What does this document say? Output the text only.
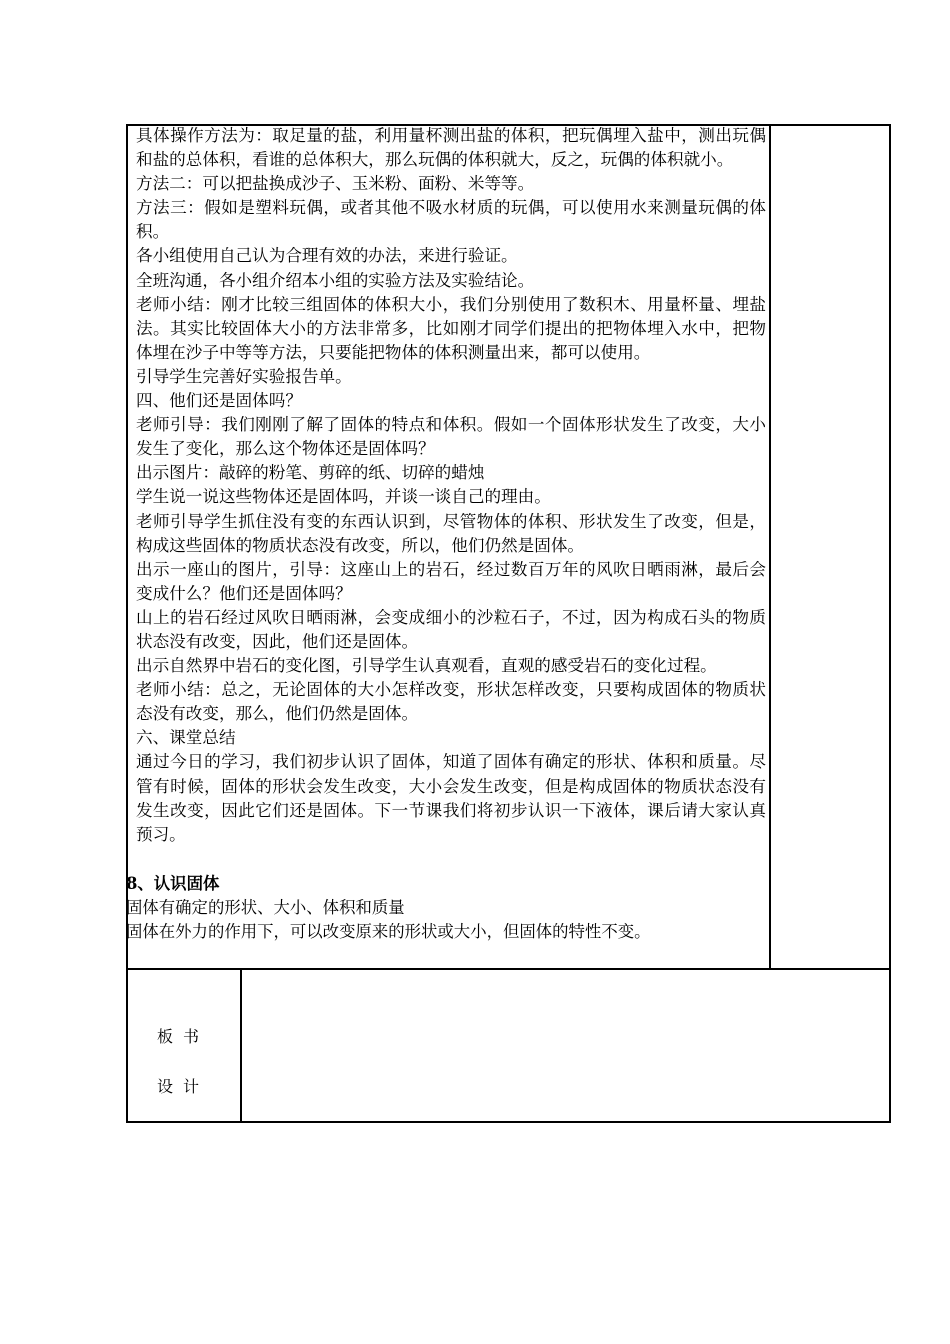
具体操作方法为：取足量的盐，利用量杯测出盐的体积，把玩偶埋入盐中，测出玩偶和盐的总体积，看谁的总体积大，那么玩偶的体积就大，反之，玩偶的体积就小。

方法二：可以把盐换成沙子、玉米粉、面粉、米等等。

方法三：假如是塑料玩偶，或者其他不吸水材质的玩偶，可以使用水来测量玩偶的体积。

各小组使用自己认为合理有效的办法，来进行验证。

全班沟通，各小组介绍本小组的实验方法及实验结论。

老师小结：刚才比较三组固体的体积大小，我们分别使用了数积木、用量杯量、埋盐法。其实比较固体大小的方法非常多，比如刚才同学们提出的把物体埋入水中，把物体埋在沙子中等等方法，只要能把物体的体积测量出来，都可以使用。

引导学生完善好实验报告单。

四、他们还是固体吗？

老师引导：我们刚刚了解了固体的特点和体积。假如一个固体形状发生了改变，大小发生了变化，那么这个物体还是固体吗？

出示图片：敲碎的粉笔、剪碎的纸、切碎的蜡烛

学生说一说这些物体还是固体吗，并谈一谈自己的理由。

老师引导学生抓住没有变的东西认识到，尽管物体的体积、形状发生了改变，但是，构成这些固体的物质状态没有改变，所以，他们仍然是固体。

出示一座山的图片，引导：这座山上的岩石，经过数百万年的风吹日晒雨淋，最后会变成什么？他们还是固体吗？

山上的岩石经过风吹日晒雨淋，会变成细小的沙粒石子，不过，因为构成石头的物质状态没有改变，因此，他们还是固体。

出示自然界中岩石的变化图，引导学生认真观看，直观的感受岩石的变化过程。

老师小结：总之，无论固体的大小怎样改变，形状怎样改变，只要构成固体的物质状态没有改变，那么，他们仍然是固体。

六、课堂总结

通过今日的学习，我们初步认识了固体，知道了固体有确定的形状、体积和质量。尽管有时候，固体的形状会发生改变，大小会发生改变，但是构成固体的物质状态没有发生改变，因此它们还是固体。下一节课我们将初步认识一下液体，课后请大家认真预习。

板书
设计

8、认识固体

固体有确定的形状、大小、体积和质量

固体在外力的作用下，可以改变原来的形状或大小，但固体的特性不变。
